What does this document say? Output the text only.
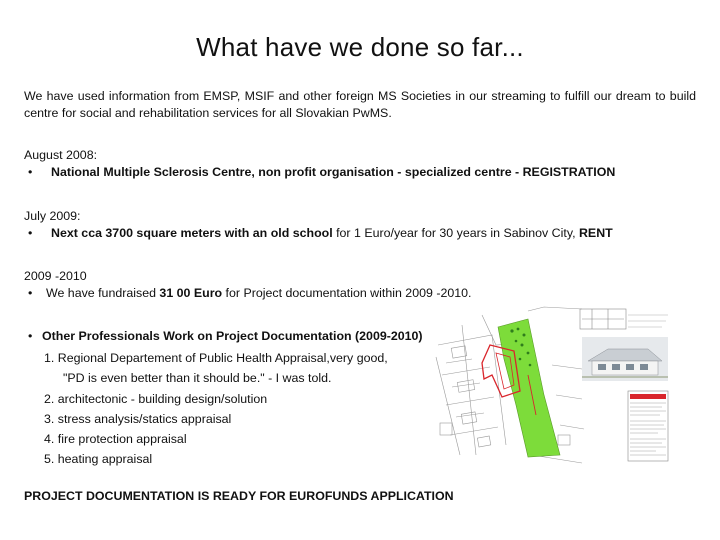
What have we done so far...

We have used information from EMSP, MSIF and other foreign MS Societies in our streaming to fulfill our dream to build centre for social and rehabilitation services for all Slovakian PwMS.

August 2008:
• National Multiple Sclerosis Centre, non profit organisation - specialized centre - REGISTRATION
July 2009:
• Next cca 3700 square meters with an old school for 1 Euro/year for 30 years in Sabinov City, RENT
2009 -2010
• We have fundraised 31 00 Euro for Project documentation within 2009 -2010.
• Other Professionals Work on Project Documentation (2009-2010)
1. Regional Departement of Public Health Appraisal,very good,
"PD is even better than it should be." - I was told.
2. architectonic - building design/solution
3. stress analysis/statics appraisal
4. fire protection appraisal
5. heating appraisal
PROJECT DOCUMENTATION IS READY FOR EUROFUNDS APPLICATION
